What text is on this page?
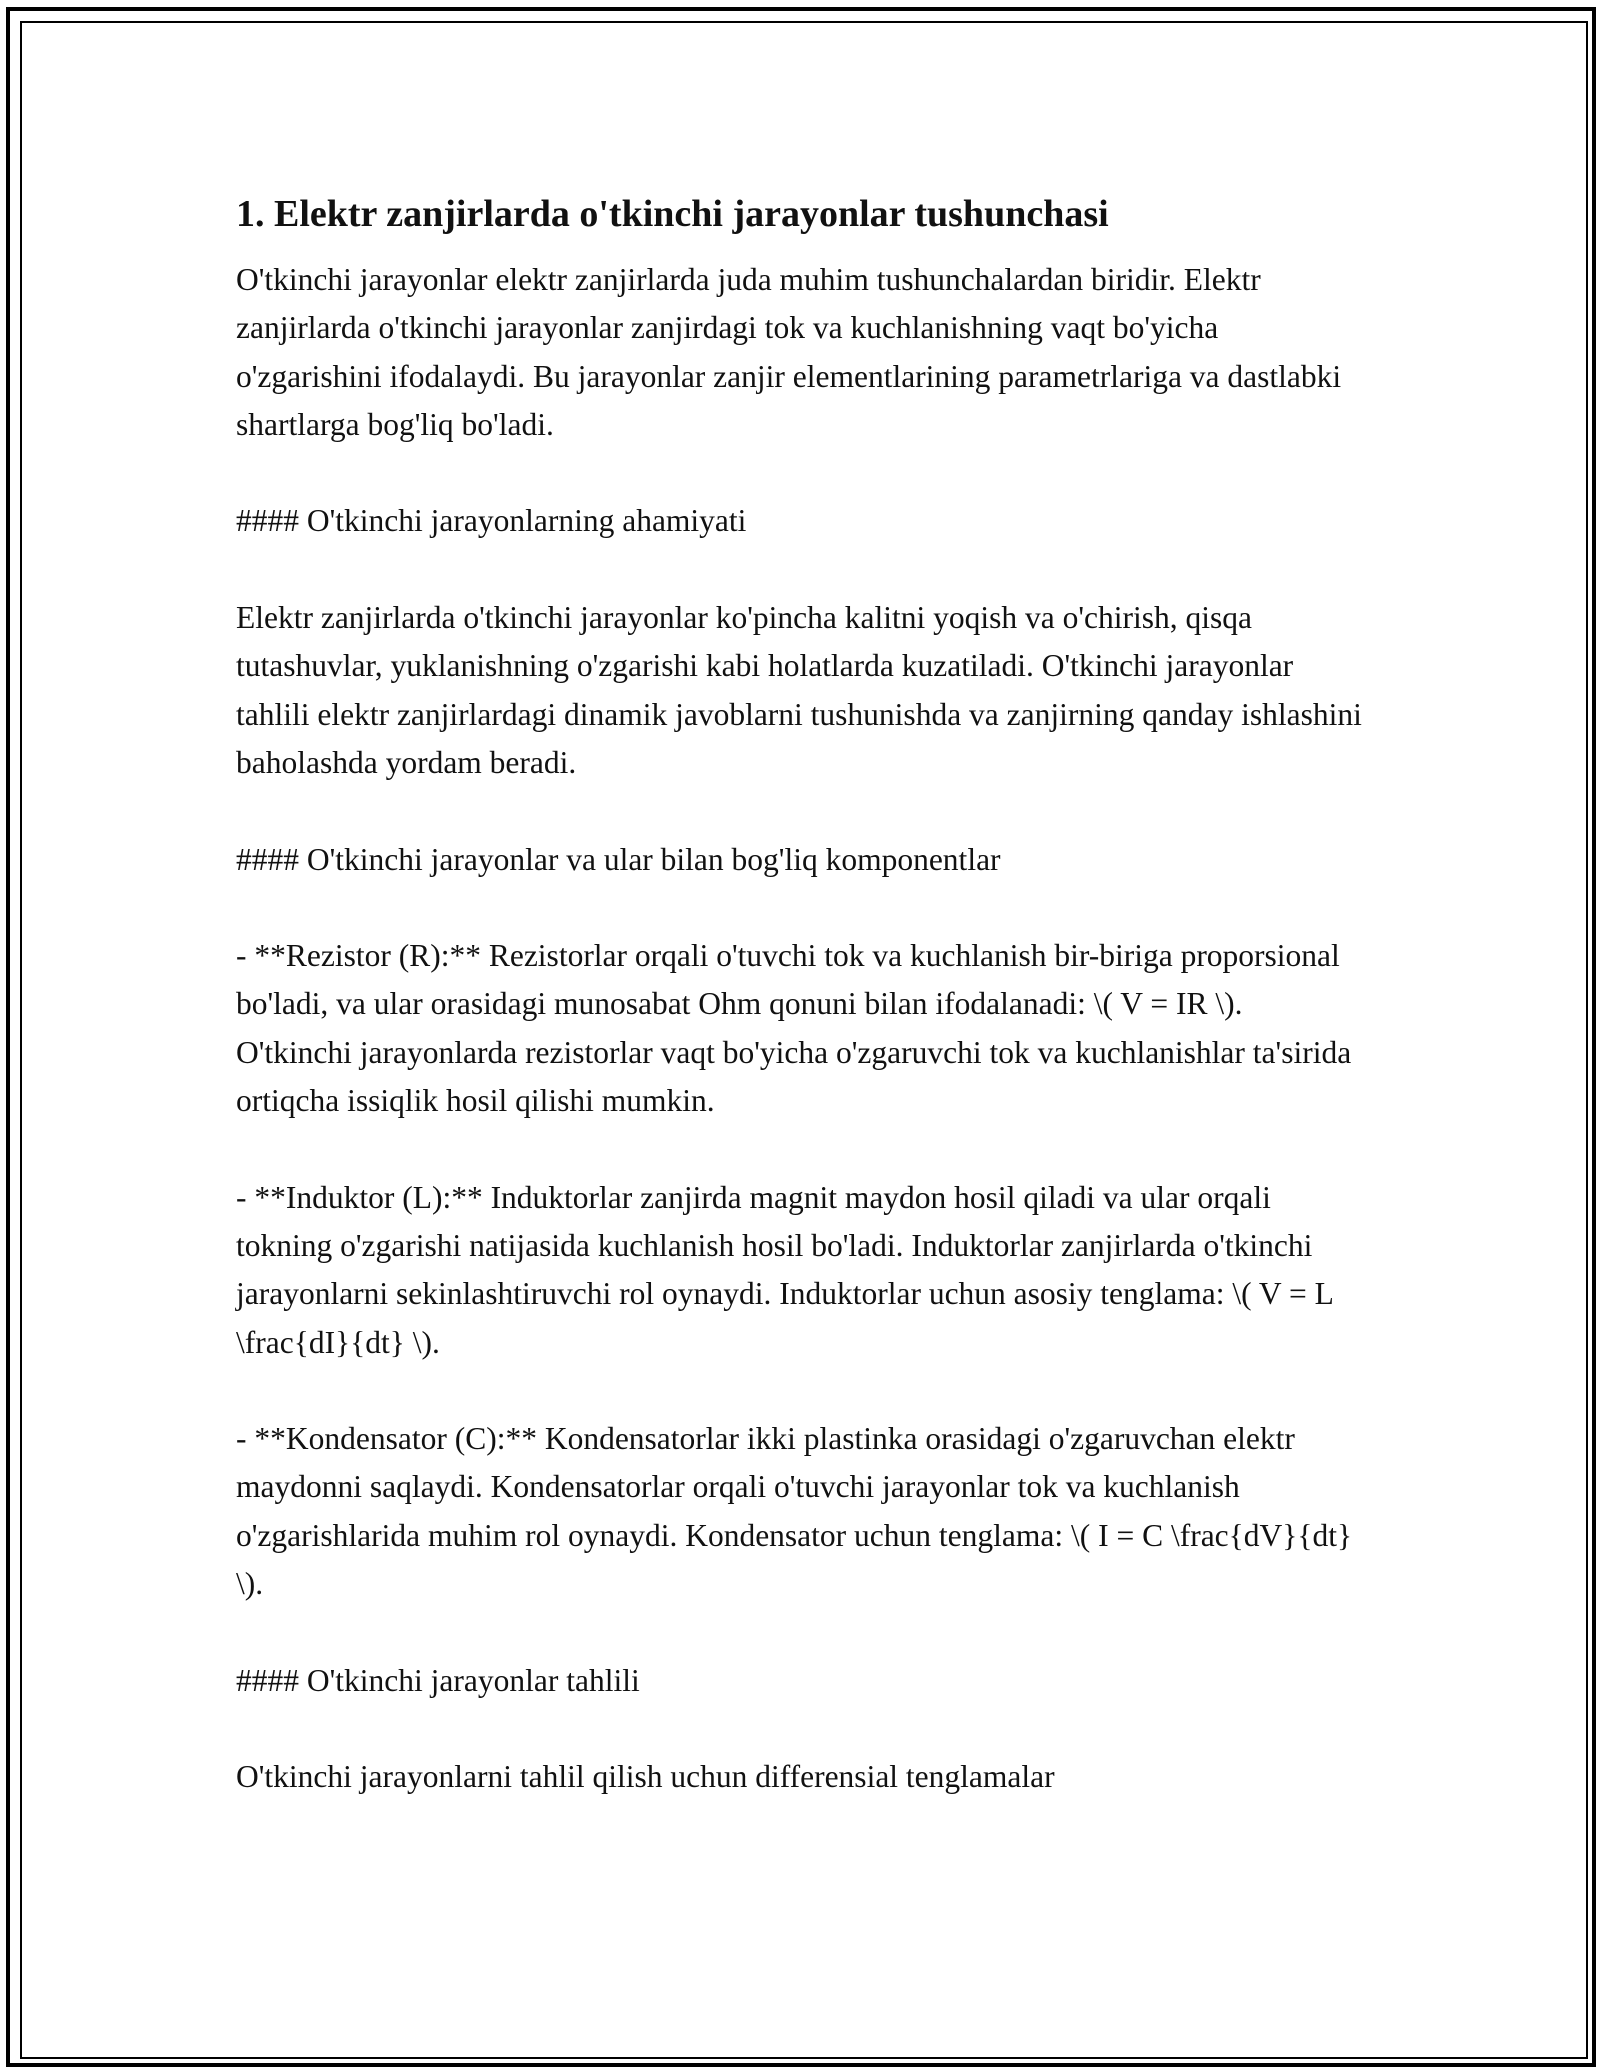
1. Elektr zanjirlarda o'tkinchi jarayonlar tushunchasi

O'tkinchi jarayonlar elektr zanjirlarda juda muhim tushunchalardan biridir. Elektr zanjirlarda o'tkinchi jarayonlar zanjirdagi tok va kuchlanishning vaqt bo'yicha o'zgarishini ifodalaydi. Bu jarayonlar zanjir elementlarining parametrlariga va dastlabki shartlarga bog'liq bo'ladi.

#### O'tkinchi jarayonlarning ahamiyati

Elektr zanjirlarda o'tkinchi jarayonlar ko'pincha kalitni yoqish va o'chirish, qisqa tutashuvlar, yuklanishning o'zgarishi kabi holatlarda kuzatiladi. O'tkinchi jarayonlar tahlili elektr zanjirlardagi dinamik javoblarni tushunishda va zanjirning qanday ishlashini baholashda yordam beradi.

#### O'tkinchi jarayonlar va ular bilan bog'liq komponentlar

- **Rezistor (R):** Rezistorlar orqali o'tuvchi tok va kuchlanish bir-biriga proporsional bo'ladi, va ular orasidagi munosabat Ohm qonuni bilan ifodalanadi: \( V = IR \). O'tkinchi jarayonlarda rezistorlar vaqt bo'yicha o'zgaruvchi tok va kuchlanishlar ta'sirida ortiqcha issiqlik hosil qilishi mumkin.

- **Induktor (L):** Induktorlar zanjirda magnit maydon hosil qiladi va ular orqali tokning o'zgarishi natijasida kuchlanish hosil bo'ladi. Induktorlar zanjirlarda o'tkinchi jarayonlarni sekinlashtiruvchi rol oynaydi. Induktorlar uchun asosiy tenglama: \( V = L \frac{dI}{dt} \).

- **Kondensator (C):** Kondensatorlar ikki plastinka orasidagi o'zgaruvchan elektr maydonni saqlaydi. Kondensatorlar orqali o'tuvchi jarayonlar tok va kuchlanish o'zgarishlarida muhim rol oynaydi. Kondensator uchun tenglama: \( I = C \frac{dV}{dt} \).

#### O'tkinchi jarayonlar tahlili

O'tkinchi jarayonlarni tahlil qilish uchun differensial tenglamalar
